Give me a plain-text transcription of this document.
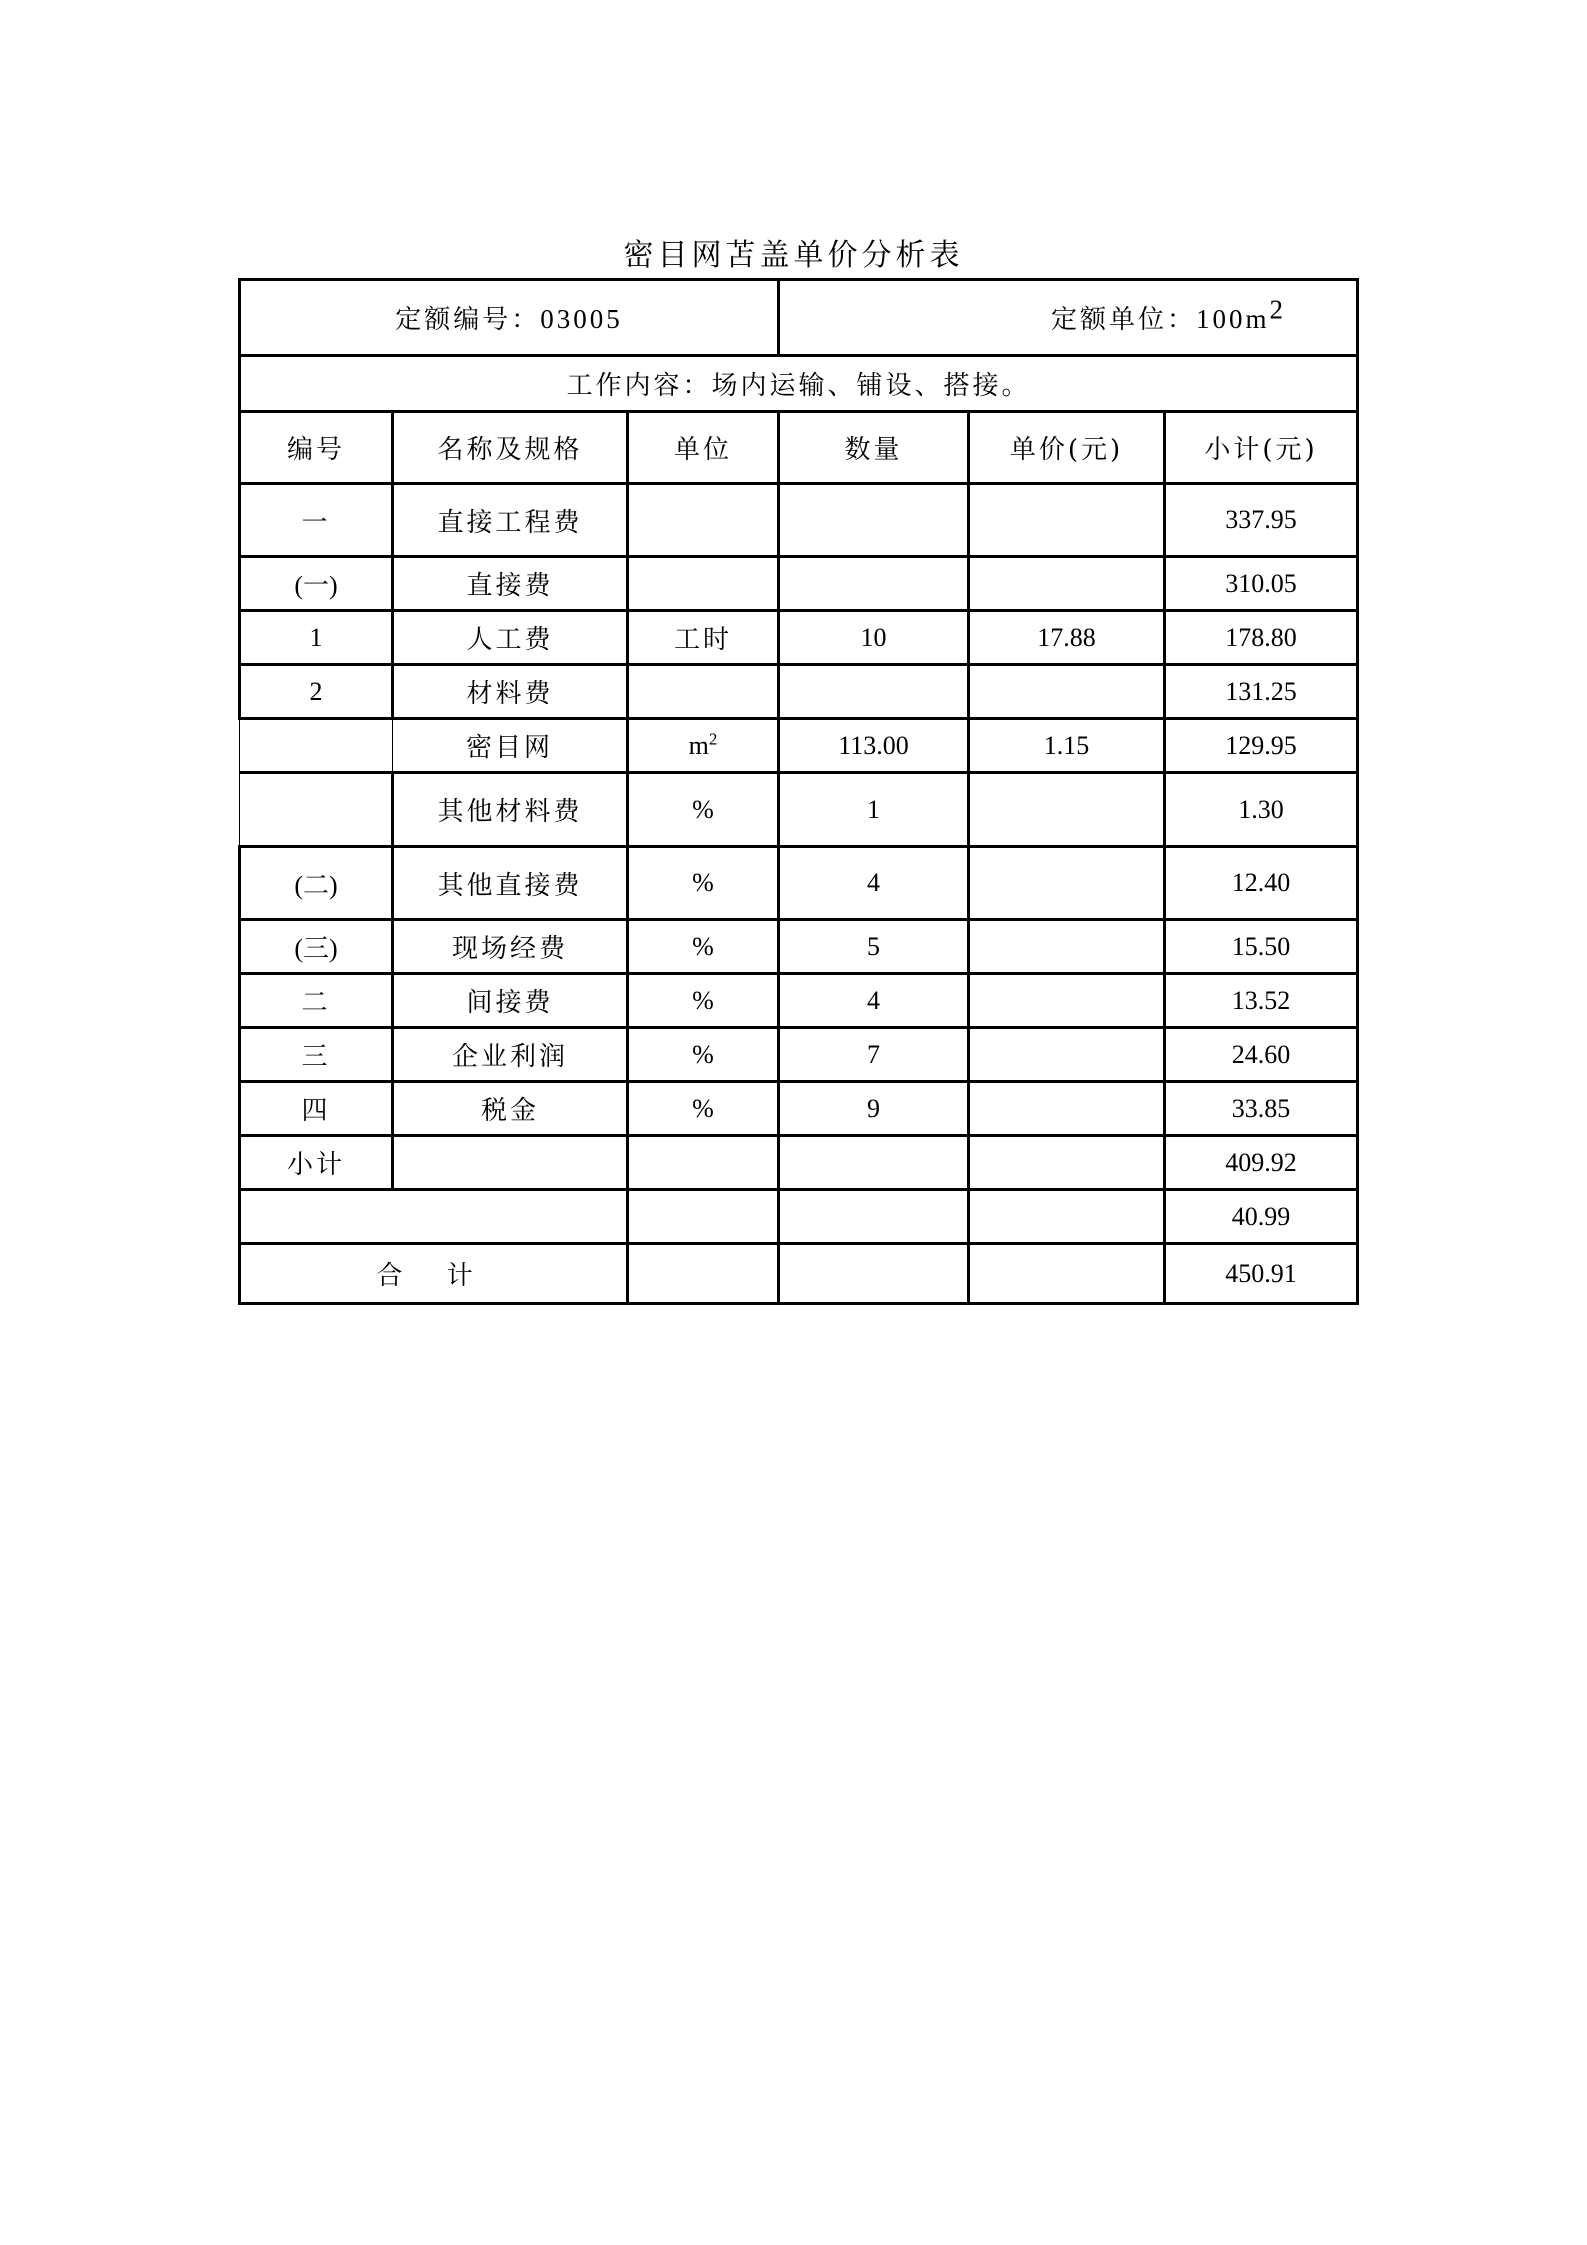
密目网苫盖单价分析表
定额编号：03005			定额单位：$100m^2$
工作内容：场内运输、铺设、搭接。					
编号	名称及规格	单位	数量	单价(元)	小计(元)
一	直接工程费				337.95
(一)	直接费				310.05
1	人工费	工时	10	17.88	178.80
2	材料费				131.25
	密目网	$m^2$	113.00	1.15	129.95
	其他材料费	%	1		1.30
(二)	其他直接费	%	4		12.40
(三)	现场经费	%	5		15.50
二	间接费	%	4		13.52
三	企业利润	%	7		24.60
四	税金	%	9		33.85
小计					409.92
					40.99
合 计					450.91
